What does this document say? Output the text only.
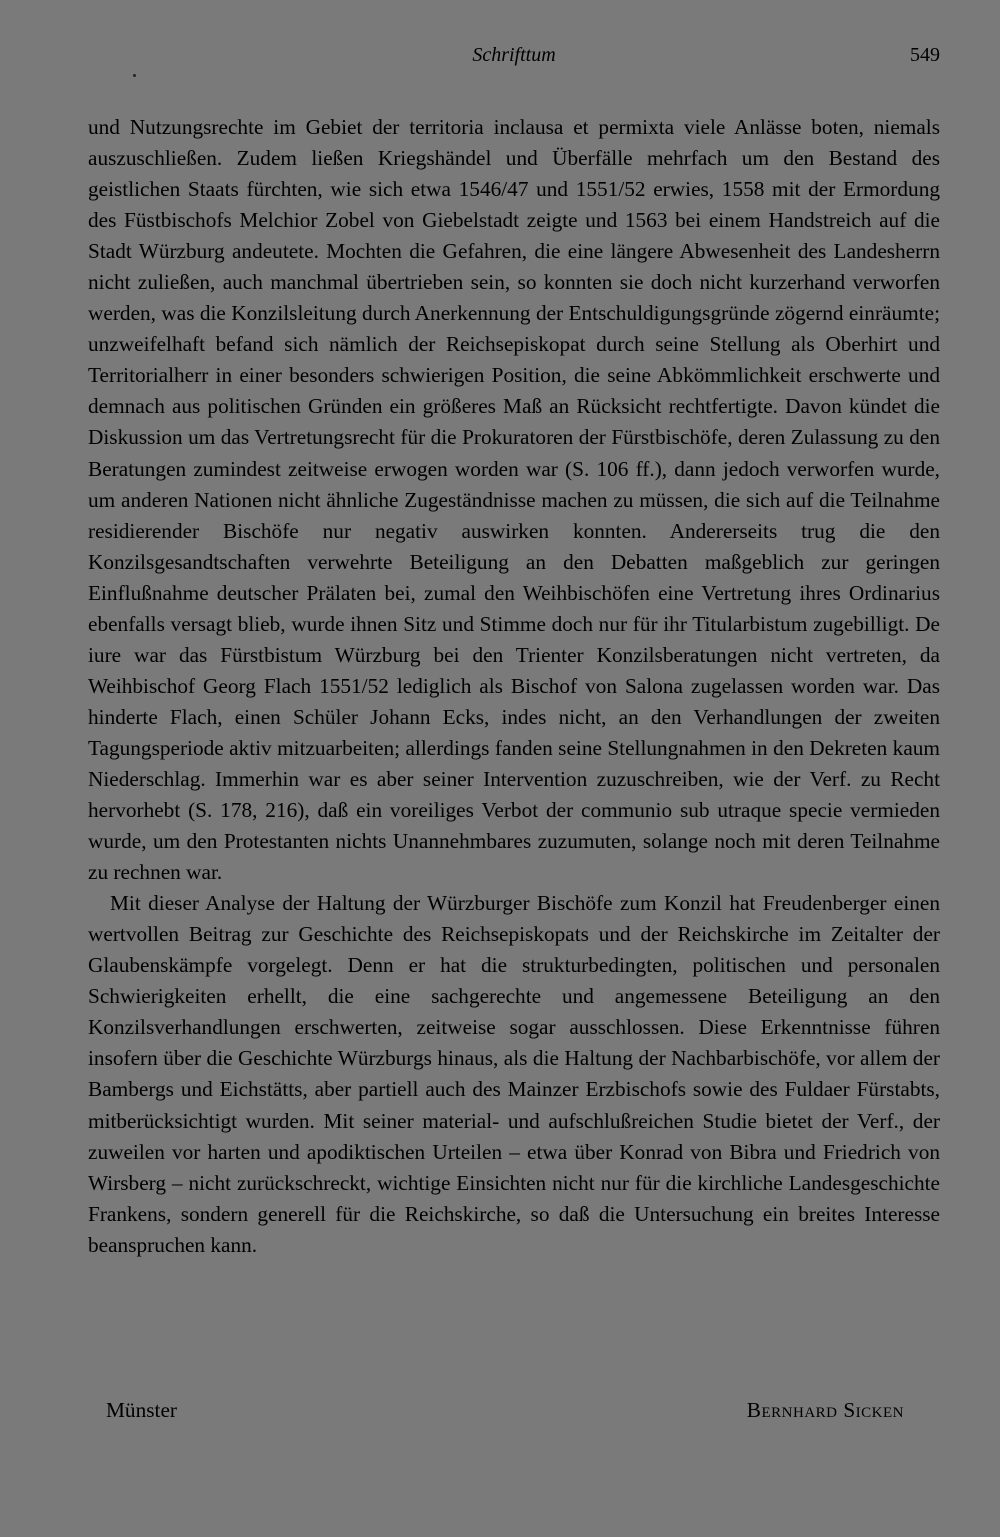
Schrifttum	549

und Nutzungsrechte im Gebiet der territoria inclausa et permixta viele Anlässe boten, niemals auszuschließen. Zudem ließen Kriegshändel und Überfälle mehrfach um den Bestand des geistlichen Staats fürchten, wie sich etwa 1546/47 und 1551/52 erwies, 1558 mit der Ermordung des Füstbischofs Melchior Zobel von Giebelstadt zeigte und 1563 bei einem Handstreich auf die Stadt Würzburg andeutete. Mochten die Gefahren, die eine längere Abwesenheit des Landesherrn nicht zuließen, auch manchmal übertrieben sein, so konnten sie doch nicht kurzerhand verworfen werden, was die Konzilsleitung durch Anerkennung der Entschuldigungsgründe zögernd einräumte; unzweifelhaft befand sich nämlich der Reichsepiskopat durch seine Stellung als Oberhirt und Territorialherr in einer besonders schwierigen Position, die seine Abkömmlichkeit erschwerte und demnach aus politischen Gründen ein größeres Maß an Rücksicht rechtfertigte. Davon kündet die Diskussion um das Vertretungsrecht für die Prokuratoren der Fürstbischöfe, deren Zulassung zu den Beratungen zumindest zeitweise erwogen worden war (S. 106 ff.), dann jedoch verworfen wurde, um anderen Nationen nicht ähnliche Zugeständnisse machen zu müssen, die sich auf die Teilnahme residierender Bischöfe nur negativ auswirken konnten. Andererseits trug die den Konzilsgesandtschaften verwehrte Beteiligung an den Debatten maßgeblich zur geringen Einflußnahme deutscher Prälaten bei, zumal den Weihbischöfen eine Vertretung ihres Ordinarius ebenfalls versagt blieb, wurde ihnen Sitz und Stimme doch nur für ihr Titularbistum zugebilligt. De iure war das Fürstbistum Würzburg bei den Trienter Konzilsberatungen nicht vertreten, da Weihbischof Georg Flach 1551/52 lediglich als Bischof von Salona zugelassen worden war. Das hinderte Flach, einen Schüler Johann Ecks, indes nicht, an den Verhandlungen der zweiten Tagungsperiode aktiv mitzuarbeiten; allerdings fanden seine Stellungnahmen in den Dekreten kaum Niederschlag. Immerhin war es aber seiner Intervention zuzuschreiben, wie der Verf. zu Recht hervorhebt (S. 178, 216), daß ein voreiliges Verbot der communio sub utraque specie vermieden wurde, um den Protestanten nichts Unannehmbares zuzumuten, solange noch mit deren Teilnahme zu rechnen war.

Mit dieser Analyse der Haltung der Würzburger Bischöfe zum Konzil hat Freudenberger einen wertvollen Beitrag zur Geschichte des Reichsepiskopats und der Reichskirche im Zeitalter der Glaubenskämpfe vorgelegt. Denn er hat die strukturbedingten, politischen und personalen Schwierigkeiten erhellt, die eine sachgerechte und angemessene Beteiligung an den Konzilsverhandlungen erschwerten, zeitweise sogar ausschlossen. Diese Erkenntnisse führen insofern über die Geschichte Würzburgs hinaus, als die Haltung der Nachbarbischöfe, vor allem der Bambergs und Eichstätts, aber partiell auch des Mainzer Erzbischofs sowie des Fuldaer Fürstabts, mitberücksichtigt wurden. Mit seiner material- und aufschlußreichen Studie bietet der Verf., der zuweilen vor harten und apodiktischen Urteilen – etwa über Konrad von Bibra und Friedrich von Wirsberg – nicht zurückschreckt, wichtige Einsichten nicht nur für die kirchliche Landesgeschichte Frankens, sondern generell für die Reichskirche, so daß die Untersuchung ein breites Interesse beanspruchen kann.

Münster	Bernhard Sicken
